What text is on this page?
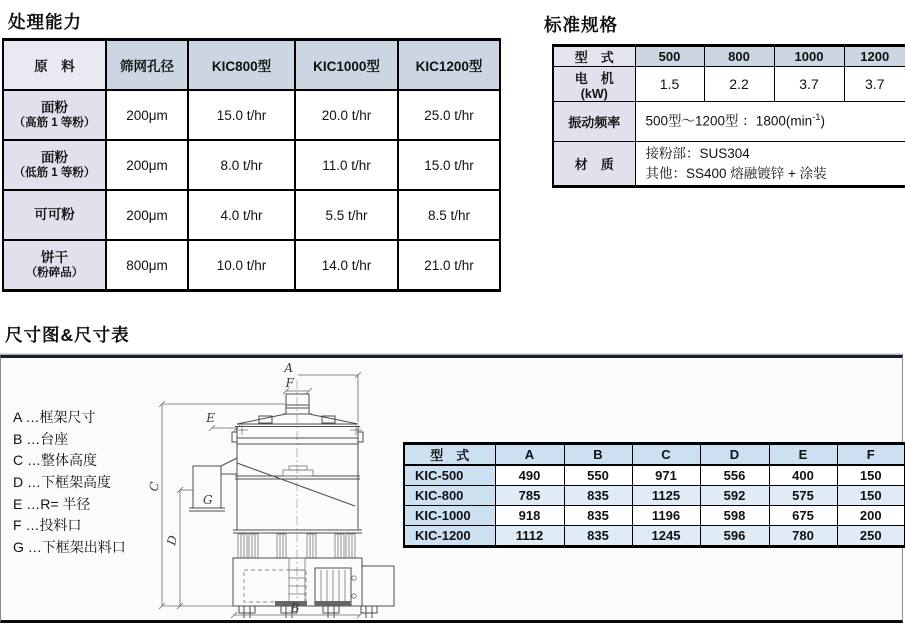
处理能力	标准规格
尺寸图&尺寸表
原　料	筛网孔径	KIC800型	KIC1000型	KIC1200型

面粉
（高筋 1 等粉）	200μm	15.0 t/hr	20.0 t/hr	25.0 t/hr

面粉
（低筋 1 等粉）	200μm	8.0 t/hr	11.0 t/hr	15.0 t/hr

可可粉	200μm	4.0 t/hr	5.5 t/hr	8.5 t/hr

饼干
（粉碎品）	800μm	10.0 t/hr	14.0 t/hr	21.0 t/hr
型　式	500	800	1000	1200

电　机
(kW)	1.5	2.2	3.7	3.7
振动频率	500型～1200型 ：$1800(\min^{-1})$			
材　质	接粉部：SUS304
其他：SS400 熔融镀锌 + 涂装			
A …框架尺寸
B …台座
C …整体高度
D …下框架高度
E …R= 半径
F …投料口
G …下框架出料口
A
F
E
G
C
D
B
型　式	A	B	C	D	E	F
KIC-500	490	550	971	556	400	150
KIC-800	785	835	1125	592	575	150
KIC-1000	918	835	1196	598	675	200
KIC-1200	1112	835	1245	596	780	250
